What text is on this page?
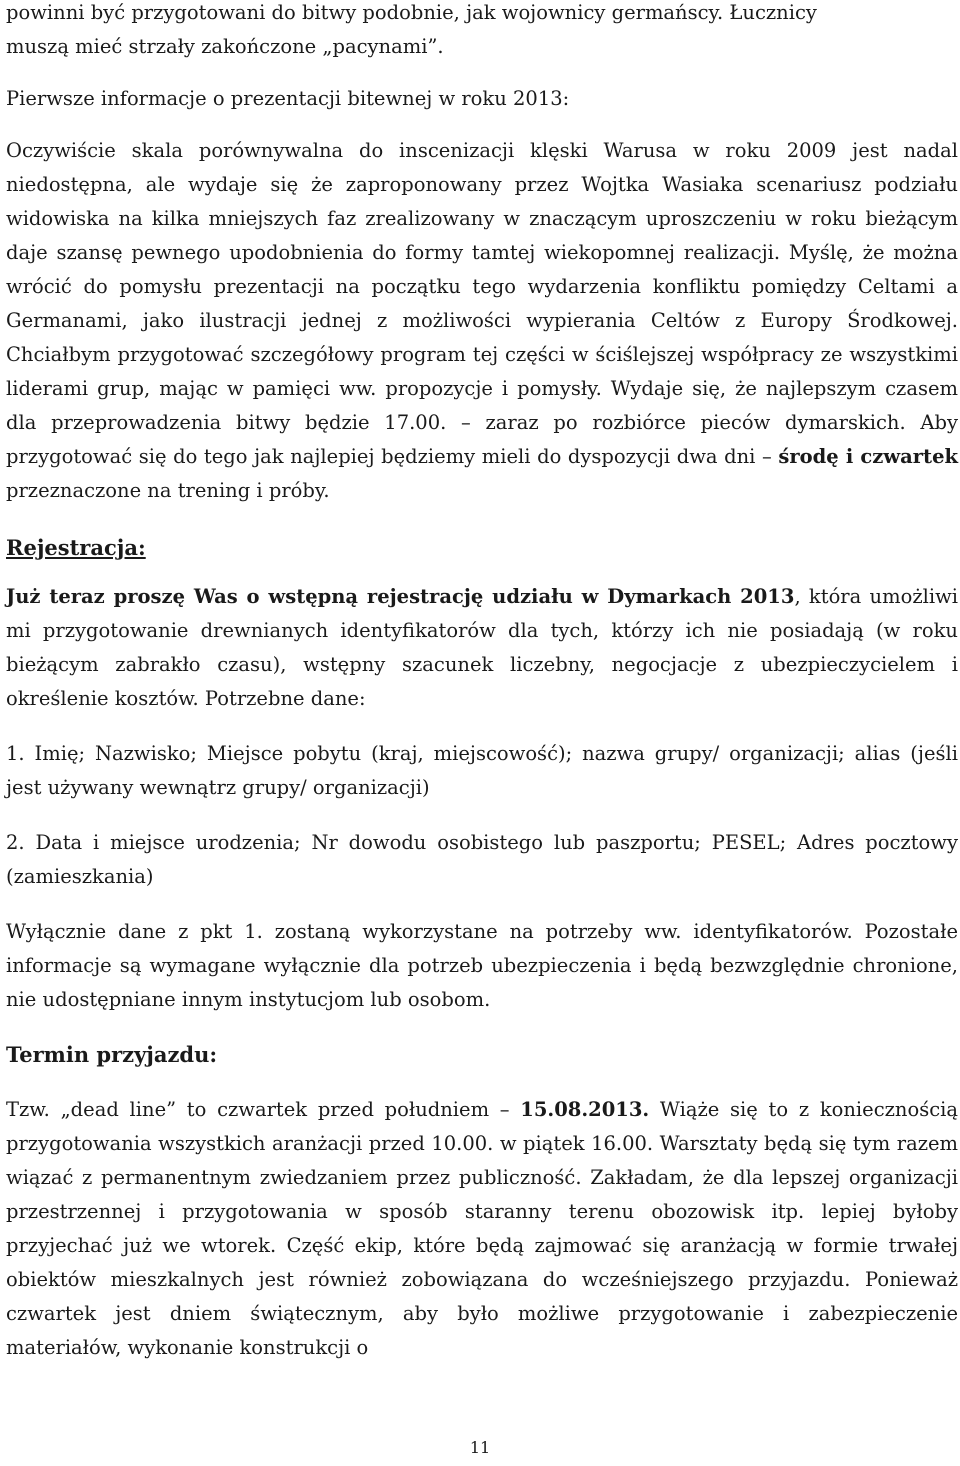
powinni być przygotowani do bitwy podobnie, jak wojownicy germańscy. Łucznicy
muszą mieć strzały zakończone „pacynami”.

Pierwsze informacje o prezentacji bitewnej w roku 2013:

Oczywiście skala porównywalna do inscenizacji klęski Warusa w roku 2009 jest nadal niedostępna, ale wydaje się że zaproponowany przez Wojtka Wasiaka scenariusz podziału widowiska na kilka mniejszych faz zrealizowany w znaczącym uproszczeniu w roku bieżącym daje szansę pewnego upodobnienia do formy tamtej wiekopomnej realizacji. Myślę, że można wrócić do pomysłu prezentacji na początku tego wydarzenia konfliktu pomiędzy Celtami a Germanami, jako ilustracji jednej z możliwości wypierania Celtów z Europy Środkowej. Chciałbym przygotować szczegółowy program tej części w ściślejszej współpracy ze wszystkimi liderami grup, mając w pamięci ww. propozycje i pomysły. Wydaje się, że najlepszym czasem dla przeprowadzenia bitwy będzie 17.00. – zaraz po rozbiórce pieców dymarskich. Aby przygotować się do tego jak najlepiej będziemy mieli do dyspozycji dwa dni – środę i czwartek przeznaczone na trening i próby.

Rejestracja:

Już teraz proszę Was o wstępną rejestrację udziału w Dymarkach 2013, która umożliwi mi przygotowanie drewnianych identyfikatorów dla tych, którzy ich nie posiadają (w roku bieżącym zabrakło czasu), wstępny szacunek liczebny, negocjacje z ubezpieczycielem i określenie kosztów. Potrzebne dane:

1. Imię; Nazwisko; Miejsce pobytu (kraj, miejscowość); nazwa grupy/ organizacji; alias (jeśli jest używany wewnątrz grupy/ organizacji)

2. Data i miejsce urodzenia; Nr dowodu osobistego lub paszportu; PESEL; Adres pocztowy (zamieszkania)

Wyłącznie dane z pkt 1. zostaną wykorzystane na potrzeby ww. identyfikatorów. Pozostałe informacje są wymagane wyłącznie dla potrzeb ubezpieczenia i będą bezwzględnie chronione, nie udostępniane innym instytucjom lub osobom.

Termin przyjazdu:

Tzw. „dead line” to czwartek przed południem – 15.08.2013. Wiąże się to z koniecznością przygotowania wszystkich aranżacji przed 10.00. w piątek 16.00. Warsztaty będą się tym razem wiązać z permanentnym zwiedzaniem przez publiczność. Zakładam, że dla lepszej organizacji przestrzennej i przygotowania w sposób staranny terenu obozowisk itp. lepiej byłoby przyjechać już we wtorek. Część ekip, które będą zajmować się aranżacją w formie trwałej obiektów mieszkalnych jest również zobowiązana do wcześniejszego przyjazdu. Ponieważ czwartek jest dniem świątecznym, aby było możliwe przygotowanie i zabezpieczenie materiałów, wykonanie konstrukcji o

11
